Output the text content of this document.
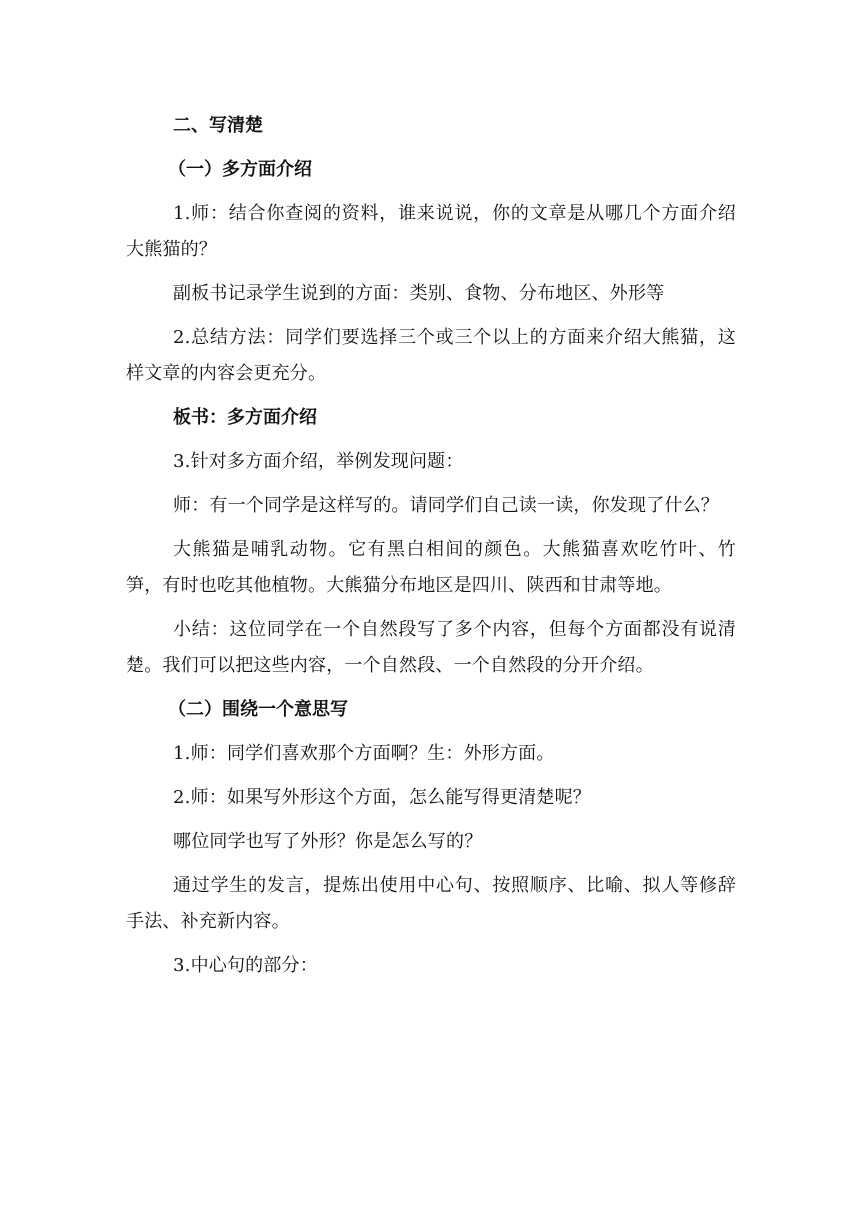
二、写清楚
（一）多方面介绍

1.师：结合你查阅的资料，谁来说说，你的文章是从哪几个方面介绍大熊猫的？

副板书记录学生说到的方面：类别、食物、分布地区、外形等

2.总结方法：同学们要选择三个或三个以上的方面来介绍大熊猫，这样文章的内容会更充分。

板书：多方面介绍

3.针对多方面介绍，举例发现问题：

师：有一个同学是这样写的。请同学们自己读一读，你发现了什么？

大熊猫是哺乳动物。它有黑白相间的颜色。大熊猫喜欢吃竹叶、竹笋，有时也吃其他植物。大熊猫分布地区是四川、陕西和甘肃等地。

小结：这位同学在一个自然段写了多个内容，但每个方面都没有说清楚。我们可以把这些内容，一个自然段、一个自然段的分开介绍。

（二）围绕一个意思写

1.师：同学们喜欢那个方面啊？生：外形方面。

2.师：如果写外形这个方面，怎么能写得更清楚呢？

哪位同学也写了外形？你是怎么写的？

通过学生的发言，提炼出使用中心句、按照顺序、比喻、拟人等修辞手法、补充新内容。

3.中心句的部分：
